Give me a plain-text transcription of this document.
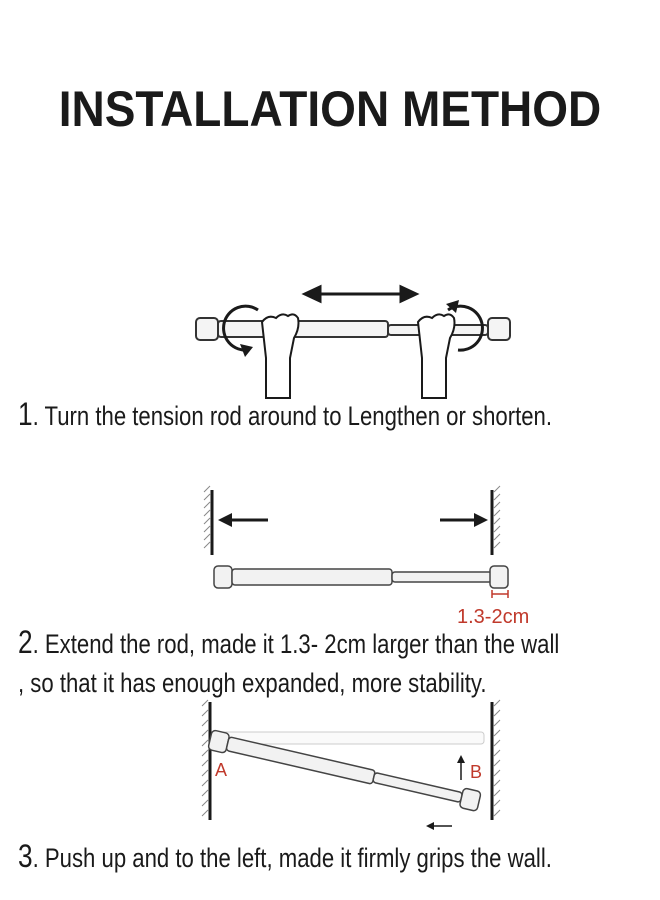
INSTALLATION METHOD
1. Turn the tension rod around to Lengthen or shorten.
1.3-2cm
2. Extend the rod, made it 1.3- 2cm larger than the wall
, so that it has enough expanded, more stability.
A	B
3. Push up and to the left, made it firmly grips the wall.
